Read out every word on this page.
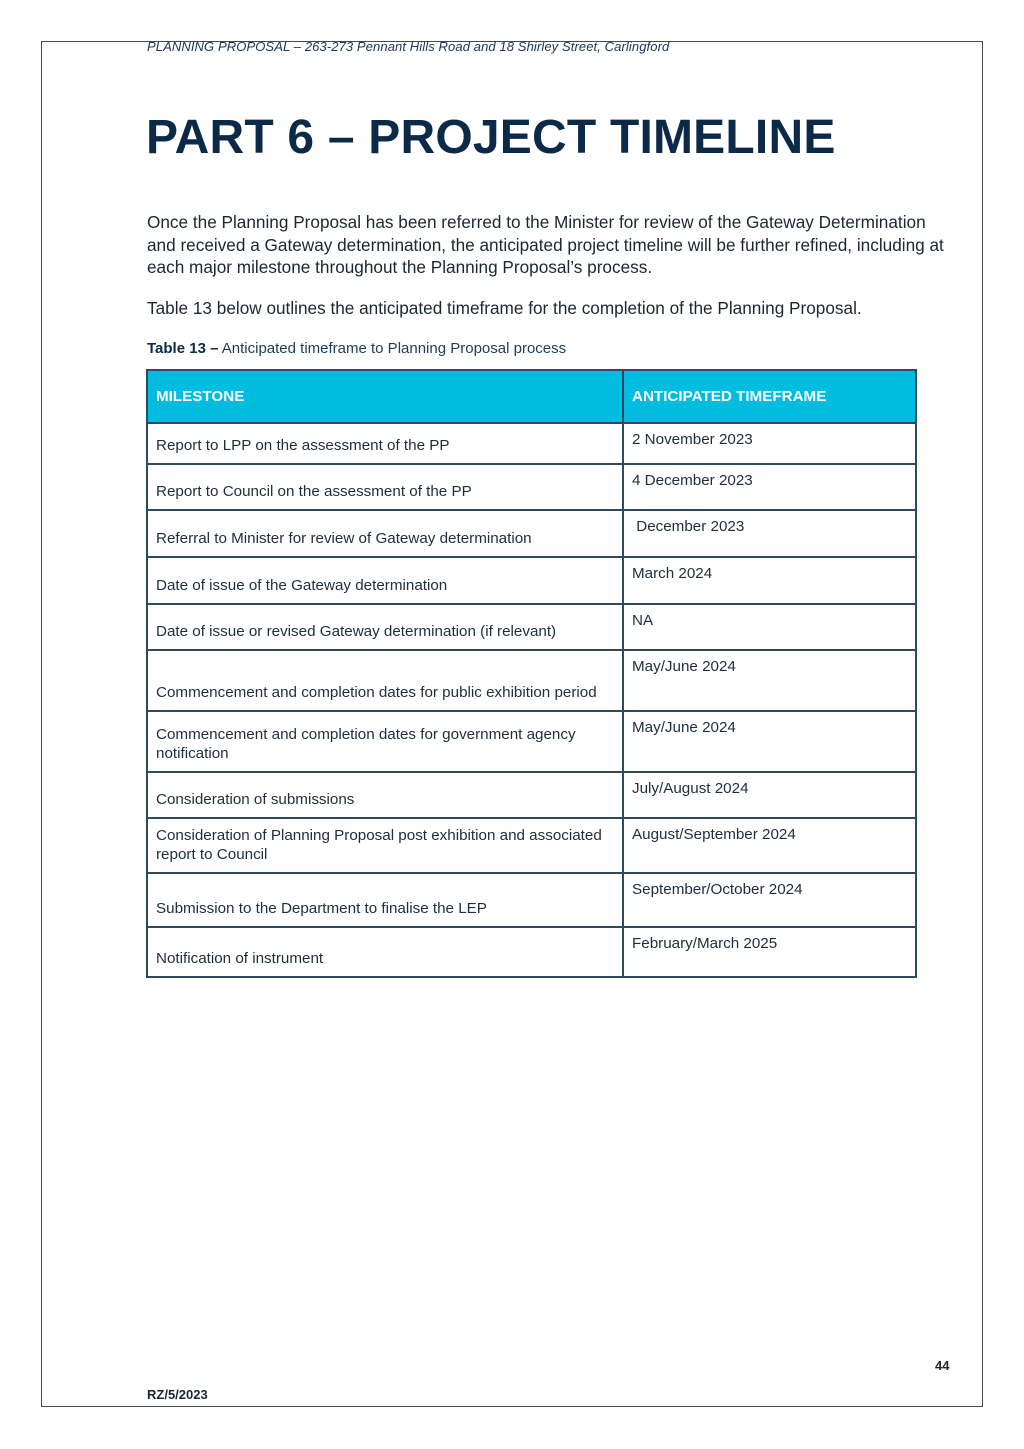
PLANNING PROPOSAL – 263-273 Pennant Hills Road and 18 Shirley Street, Carlingford
PART 6 – PROJECT TIMELINE

Once the Planning Proposal has been referred to the Minister for review of the Gateway Determination and received a Gateway determination, the anticipated project timeline will be further refined, including at each major milestone throughout the Planning Proposal’s process.

Table 13 below outlines the anticipated timeframe for the completion of the Planning Proposal.

Table 13 – Anticipated timeframe to Planning Proposal process
MILESTONE	ANTICIPATED TIMEFRAME
Report to LPP on the assessment of the PP	2 November 2023
Report to Council on the assessment of the PP	4 December 2023
Referral to Minister for review of Gateway determination	December 2023
Date of issue of the Gateway determination	March 2024
Date of issue or revised Gateway determination (if relevant)	NA
Commencement and completion dates for public exhibition period	May/June 2024
Commencement and completion dates for government agency notification	May/June 2024
Consideration of submissions	July/August 2024
Consideration of Planning Proposal post exhibition and associated report to Council	August/September 2024
Submission to the Department to finalise the LEP	September/October 2024
Notification of instrument	February/March 2025
44
RZ/5/2023
